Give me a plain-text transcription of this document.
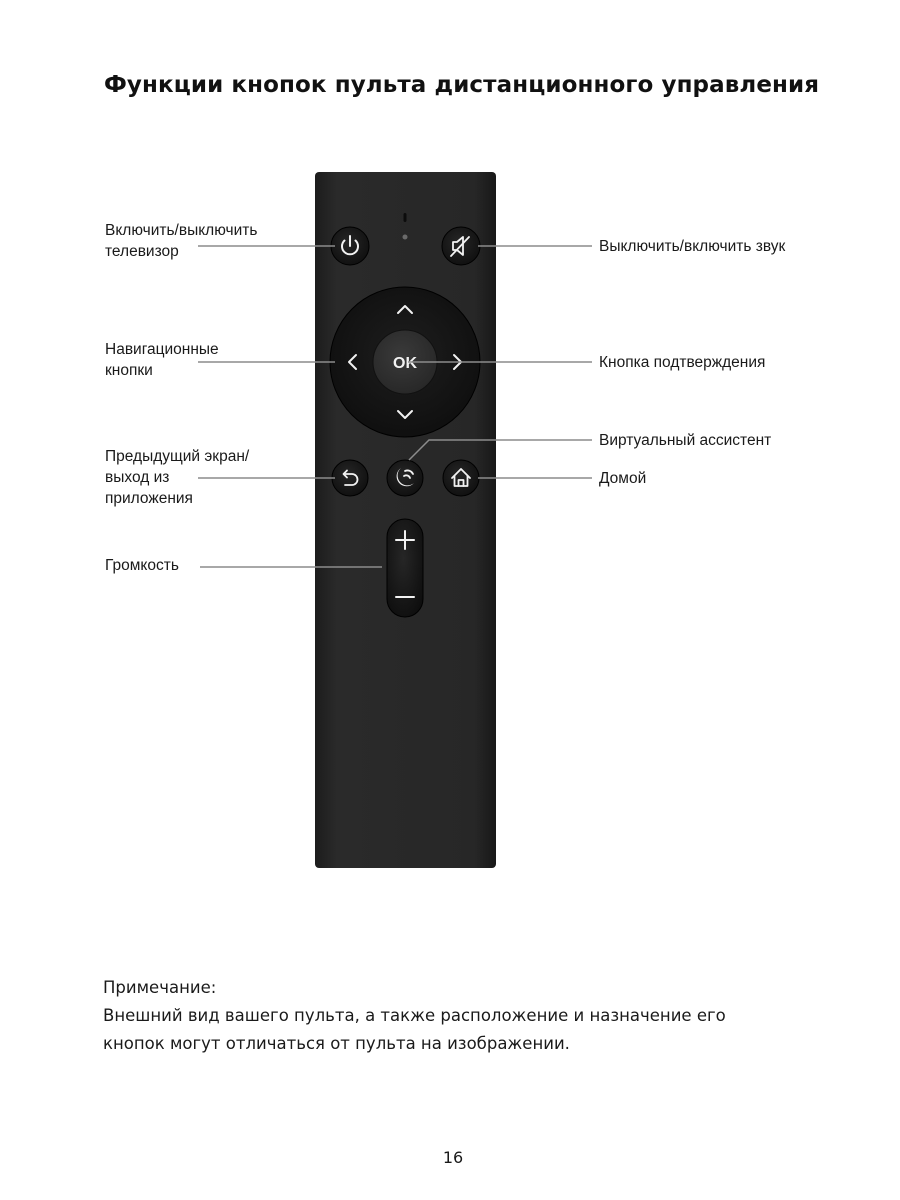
Функции кнопок пульта дистанционного управления
OK
Включить/выключить
телевизор
Навигационные
кнопки
Предыдущий экран/
выход из
приложения
Громкость
Выключить/включить звук
Кнопка подтверждения
Виртуальный ассистент
Домой

Примечание:

Внешний вид вашего пульта, а также расположение и назначение его

кнопок могут отличаться от пульта на изображении.

16
